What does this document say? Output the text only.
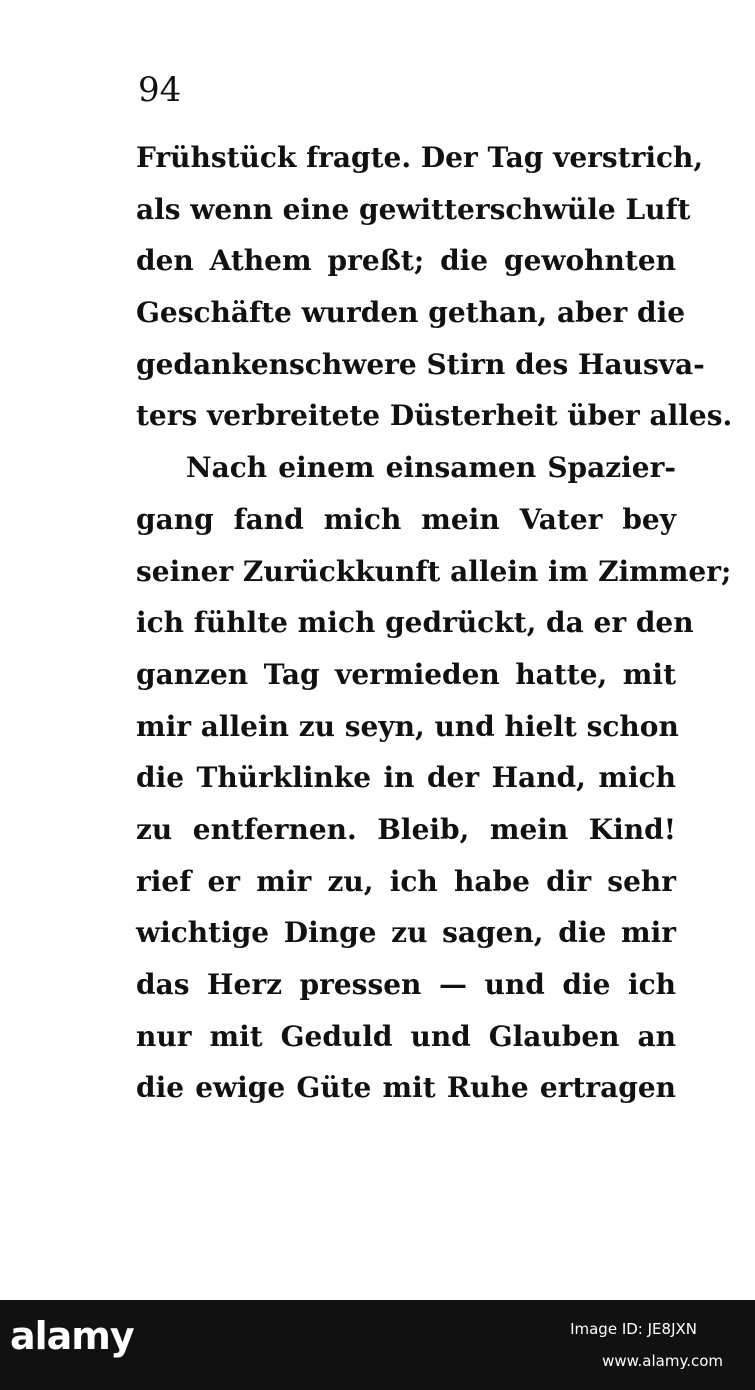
94
Frühstück fragte. Der Tag verstrich,
als wenn eine gewitterschwüle Luft
den Athem preßt; die gewohnten
Geschäfte wurden gethan, aber die
gedankenschwere Stirn des Hausva-
ters verbreitete Düsterheit über alles.
Nach einem einsamen Spazier-
gang fand mich mein Vater bey
seiner Zurückkunft allein im Zimmer;
ich fühlte mich gedrückt, da er den
ganzen Tag vermieden hatte, mit
mir allein zu seyn, und hielt schon
die Thürklinke in der Hand, mich
zu entfernen. Bleib, mein Kind!
rief er mir zu, ich habe dir sehr
wichtige Dinge zu sagen, die mir
das Herz pressen — und die ich
nur mit Geduld und Glauben an
die ewige Güte mit Ruhe ertragen
alamy	Image ID: JE8JXN
www.alamy.com
